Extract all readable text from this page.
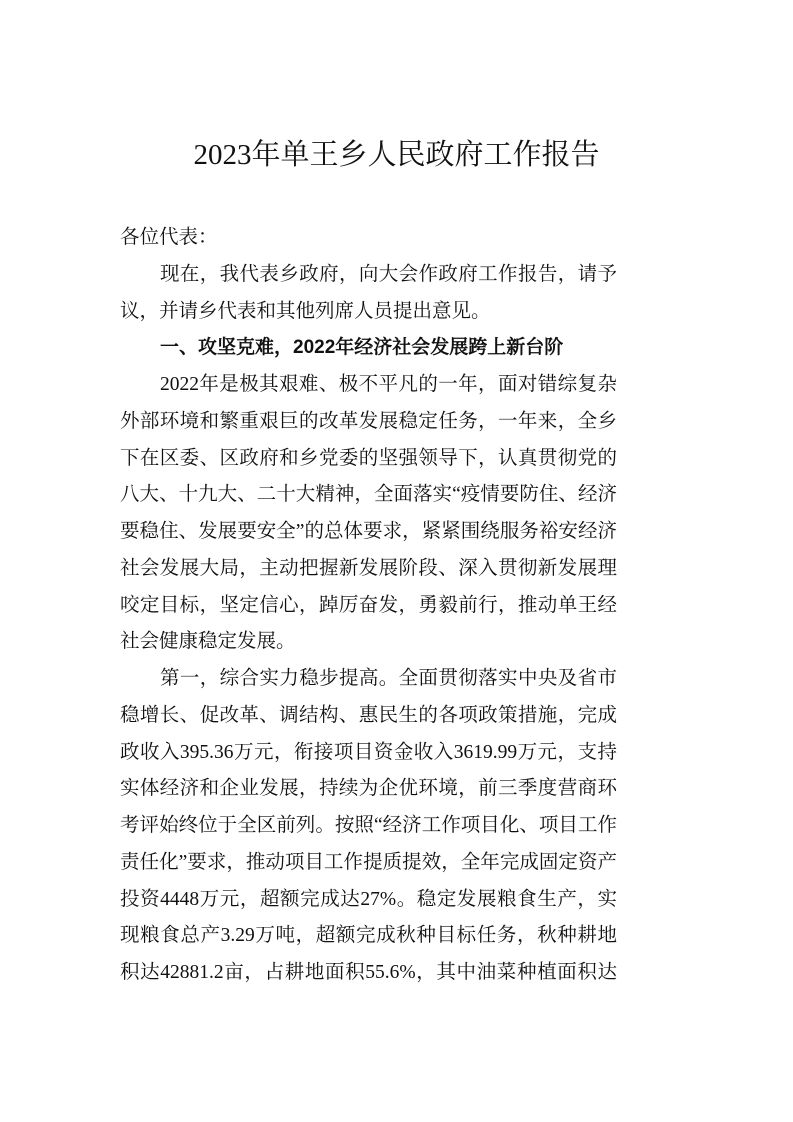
2023年单王乡人民政府工作报告
各位代表：
现在，我代表乡政府，向大会作政府工作报告，请予
议，并请乡代表和其他列席人员提出意见。
一、攻坚克难，2022年经济社会发展跨上新台阶
2022年是极其艰难、极不平凡的一年，面对错综复杂
外部环境和繁重艰巨的改革发展稳定任务，一年来，全乡
下在区委、区政府和乡党委的坚强领导下，认真贯彻党的
八大、十九大、二十大精神，全面落实“疫情要防住、经济
要稳住、发展要安全”的总体要求，紧紧围绕服务裕安经济
社会发展大局，主动把握新发展阶段、深入贯彻新发展理
咬定目标，坚定信心，踔厉奋发，勇毅前行，推动单王经
社会健康稳定发展。
第一，综合实力稳步提高。全面贯彻落实中央及省市
稳增长、促改革、调结构、惠民生的各项政策措施，完成
政收入395.36万元，衔接项目资金收入3619.99万元，支持
实体经济和企业发展，持续为企优环境，前三季度营商环
考评始终位于全区前列。按照“经济工作项目化、项目工作
责任化”要求，推动项目工作提质提效，全年完成固定资产
投资4448万元，超额完成达27%。稳定发展粮食生产，实
现粮食总产3.29万吨，超额完成秋种目标任务，秋种耕地
积达42881.2亩，占耕地面积55.6%，其中油菜种植面积达
